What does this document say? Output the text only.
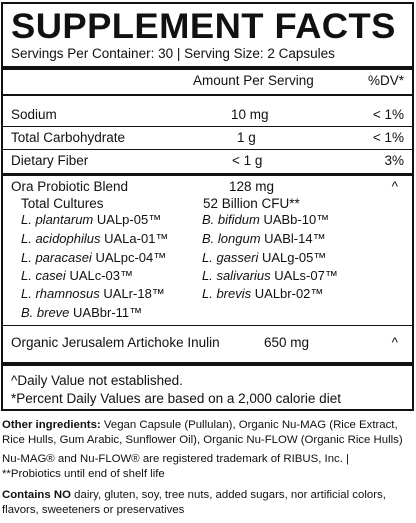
SUPPLEMENT FACTS
Servings Per Container: 30 | Serving Size: 2 Capsules
Amount Per Serving	%DV*
Sodium	10 mg	< 1%
Total Carbohydrate	1 g	< 1%
Dietary Fiber	< 1 g	3%
Ora Probiotic Blend	128 mg	^
Total Cultures	52 Billion CFU**
L. plantarum UALp-05™	B. bifidum UABb-10™
L. acidophilus UALa-01™	B. longum UABl-14™
L. paracasei UALpc-04™	L. gasseri UALg-05™
L. casei UALc-03™	L. salivarius UALs-07™
L. rhamnosus UALr-18™	L. brevis UALbr-02™
B. breve UABbr-11™
Organic Jerusalem Artichoke Inulin	650 mg	^
^Daily Value not established.
*Percent Daily Values are based on a 2,000 calorie diet

Other ingredients: Vegan Capsule (Pullulan), Organic Nu-MAG (Rice Extract, Rice Hulls, Gum Arabic, Sunflower Oil), Organic Nu-FLOW (Organic Rice Hulls)

Nu-MAG® and Nu-FLOW® are registered trademark of RIBUS, Inc. |
**Probiotics until end of shelf life

Contains NO dairy, gluten, soy, tree nuts, added sugars, nor artificial colors, flavors, sweeteners or preservatives
